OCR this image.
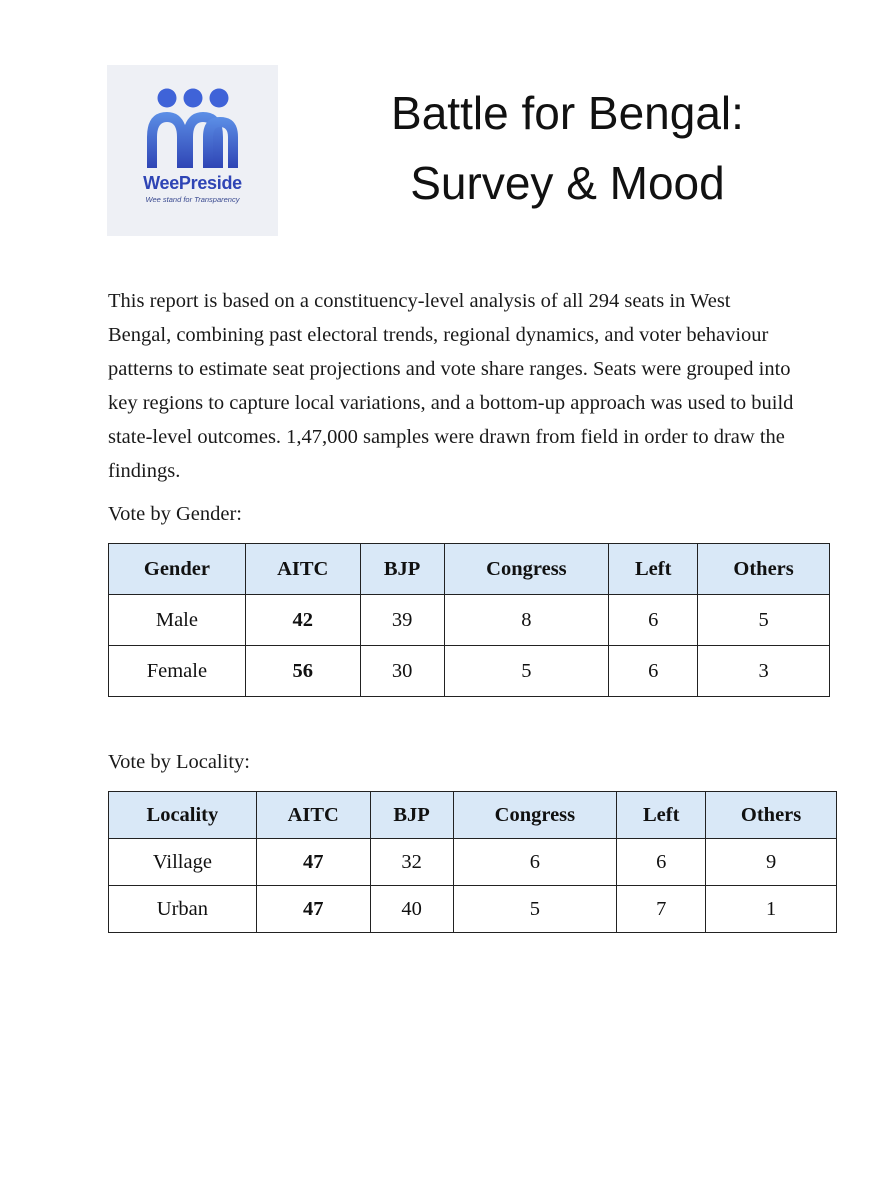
WeePreside
Wee stand for Transparency
Battle for Bengal:
Survey & Mood

This report is based on a constituency-level analysis of all 294 seats in West Bengal, combining past electoral trends, regional dynamics, and voter behaviour patterns to estimate seat projections and vote share ranges. Seats were grouped into key regions to capture local variations, and a bottom-up approach was used to build state-level outcomes. 1,47,000 samples were drawn from field in order to draw the findings.

Vote by Gender:

Gender	AITC	BJP	Congress	Left	Others
Male	42	39	8	6	5
Female	56	30	5	6	3

Vote by Locality:

Locality	AITC	BJP	Congress	Left	Others
Village	47	32	6	6	9
Urban	47	40	5	7	1
